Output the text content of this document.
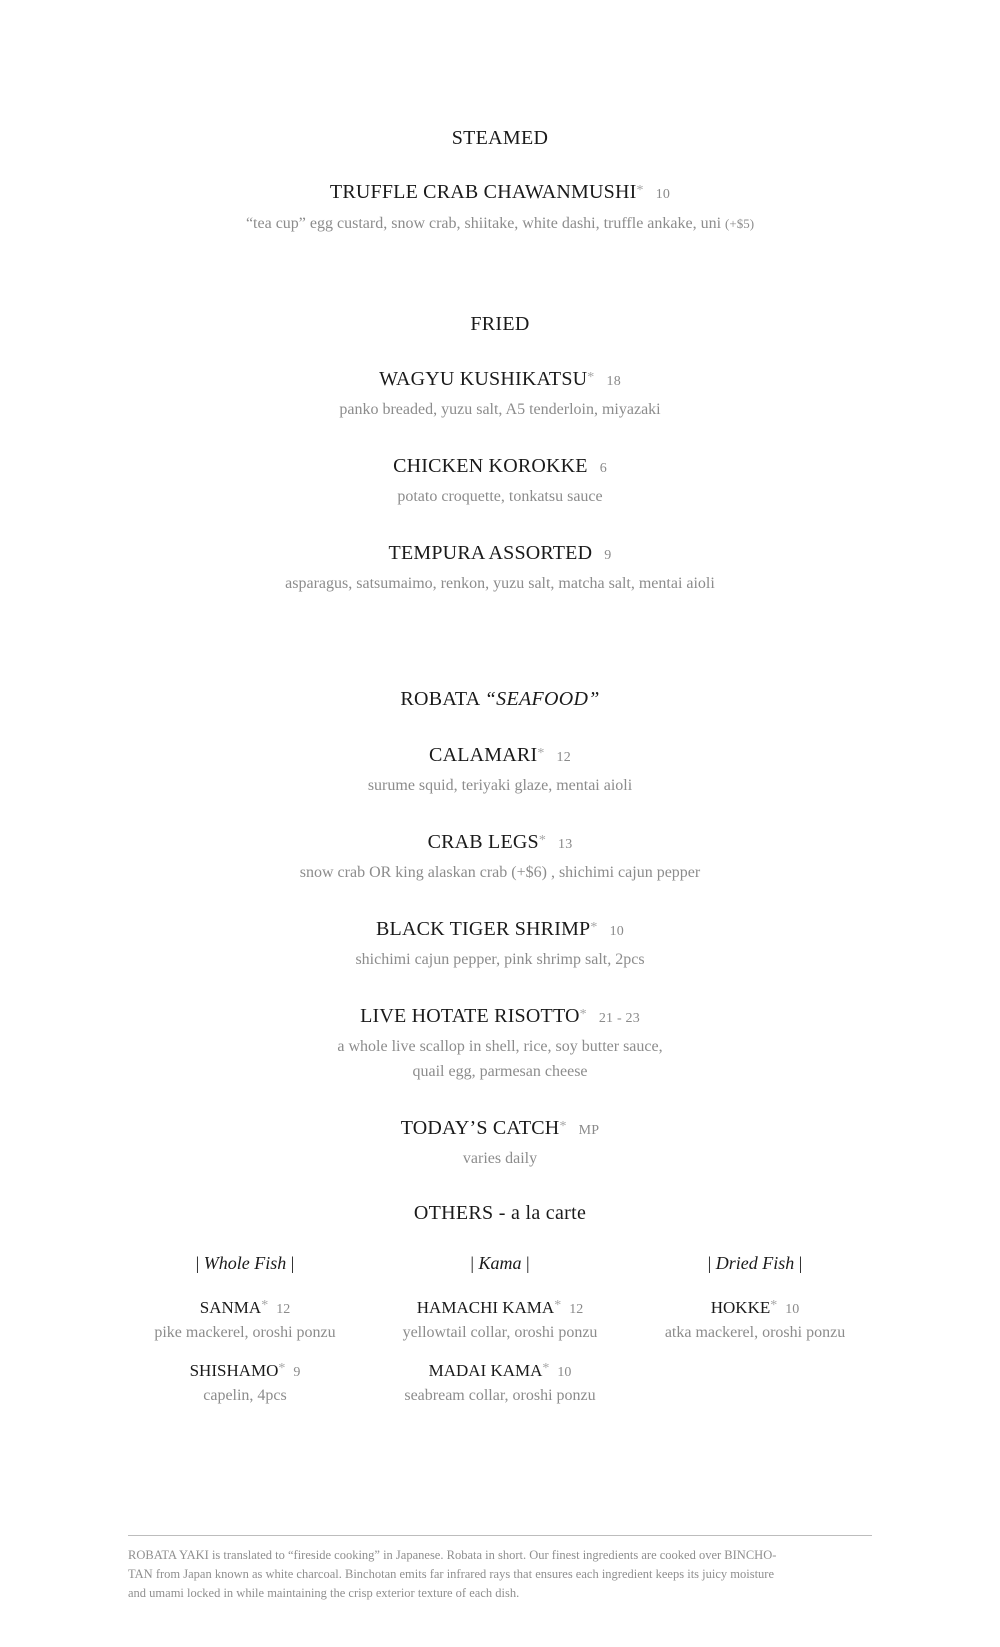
STEAMED
TRUFFLE CRAB CHAWANMUSHI* 10
“tea cup” egg custard, snow crab, shiitake, white dashi, truffle ankake, uni (+$5)
FRIED
WAGYU KUSHIKATSU* 18
panko breaded, yuzu salt, A5 tenderloin, miyazaki
CHICKEN KOROKKE 6
potato croquette, tonkatsu sauce
TEMPURA ASSORTED 9
asparagus, satsumaimo, renkon, yuzu salt, matcha salt, mentai aioli
ROBATA “SEAFOOD”
CALAMARI* 12
surume squid, teriyaki glaze, mentai aioli
CRAB LEGS* 13
snow crab OR king alaskan crab (+$6) , shichimi cajun pepper
BLACK TIGER SHRIMP* 10
shichimi cajun pepper, pink shrimp salt, 2pcs
LIVE HOTATE RISOTTO* 21 - 23
a whole live scallop in shell, rice, soy butter sauce,
quail egg, parmesan cheese
TODAY’S CATCH* MP
varies daily
OTHERS - a la carte
| Whole Fish |
SANMA* 12
pike mackerel, oroshi ponzu
SHISHAMO* 9
capelin, 4pcs
| Kama |
HAMACHI KAMA* 12
yellowtail collar, oroshi ponzu
MADAI KAMA* 10
seabream collar, oroshi ponzu
| Dried Fish |
HOKKE* 10
atka mackerel, oroshi ponzu
ROBATA YAKI is translated to “fireside cooking” in Japanese. Robata in short. Our finest ingredients are cooked over BINCHO-
TAN from Japan known as white charcoal. Binchotan emits far infrared rays that ensures each ingredient keeps its juicy moisture
and umami locked in while maintaining the crisp exterior texture of each dish.
